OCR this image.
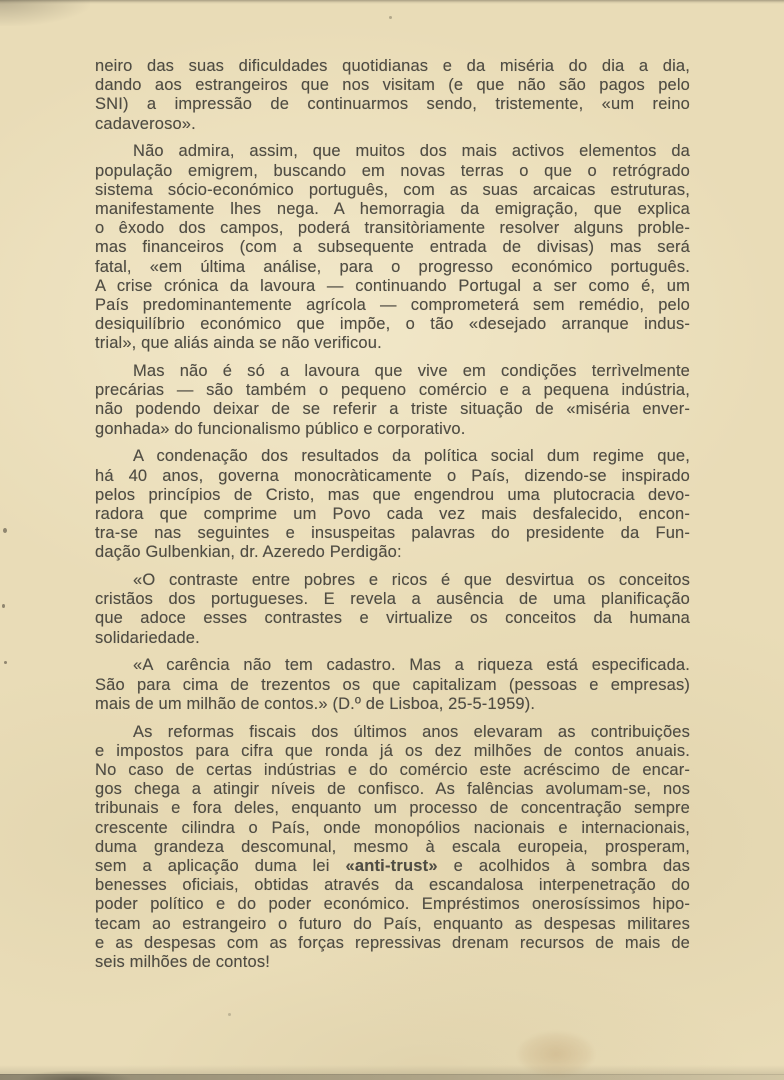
neiro das suas dificuldades quotidianas e da miséria do dia a dia,
dando aos estrangeiros que nos visitam (e que não são pagos pelo
SNI) a impressão de continuarmos sendo, tristemente, «um reino
cadaveroso».
Não admira, assim, que muitos dos mais activos elementos da
população emigrem, buscando em novas terras o que o retrógrado
sistema sócio-económico português, com as suas arcaicas estruturas,
manifestamente lhes nega. A hemorragia da emigração, que explica
o êxodo dos campos, poderá transitòriamente resolver alguns proble-
mas financeiros (com a subsequente entrada de divisas) mas será
fatal, «em última análise, para o progresso económico português.
A crise crónica da lavoura — continuando Portugal a ser como é, um
País predominantemente agrícola — comprometerá sem remédio, pelo
desiquilíbrio económico que impõe, o tão «desejado arranque indus-
trial», que aliás ainda se não verificou.
Mas não é só a lavoura que vive em condições terrìvelmente
precárias — são também o pequeno comércio e a pequena indústria,
não podendo deixar de se referir a triste situação de «miséria enver-
gonhada» do funcionalismo público e corporativo.
A condenação dos resultados da política social dum regime que,
há 40 anos, governa monocràticamente o País, dizendo-se inspirado
pelos princípios de Cristo, mas que engendrou uma plutocracia devo-
radora que comprime um Povo cada vez mais desfalecido, encon-
tra-se nas seguintes e insuspeitas palavras do presidente da Fun-
dação Gulbenkian, dr. Azeredo Perdigão:
«O contraste entre pobres e ricos é que desvirtua os conceitos
cristãos dos portugueses. E revela a ausência de uma planificação
que adoce esses contrastes e virtualize os conceitos da humana
solidariedade.
«A carência não tem cadastro. Mas a riqueza está especificada.
São para cima de trezentos os que capitalizam (pessoas e empresas)
mais de um milhão de contos.» (D.º de Lisboa, 25-5-1959).
As reformas fiscais dos últimos anos elevaram as contribuições
e impostos para cifra que ronda já os dez milhões de contos anuais.
No caso de certas indústrias e do comércio este acréscimo de encar-
gos chega a atingir níveis de confisco. As falências avolumam-se, nos
tribunais e fora deles, enquanto um processo de concentração sempre
crescente cilindra o País, onde monopólios nacionais e internacionais,
duma grandeza descomunal, mesmo à escala europeia, prosperam,
sem a aplicação duma lei «anti-trust» e acolhidos à sombra das
benesses oficiais, obtidas através da escandalosa interpenetração do
poder político e do poder económico. Empréstimos onerosíssimos hipo-
tecam ao estrangeiro o futuro do País, enquanto as despesas militares
e as despesas com as forças repressivas drenam recursos de mais de
seis milhões de contos!
